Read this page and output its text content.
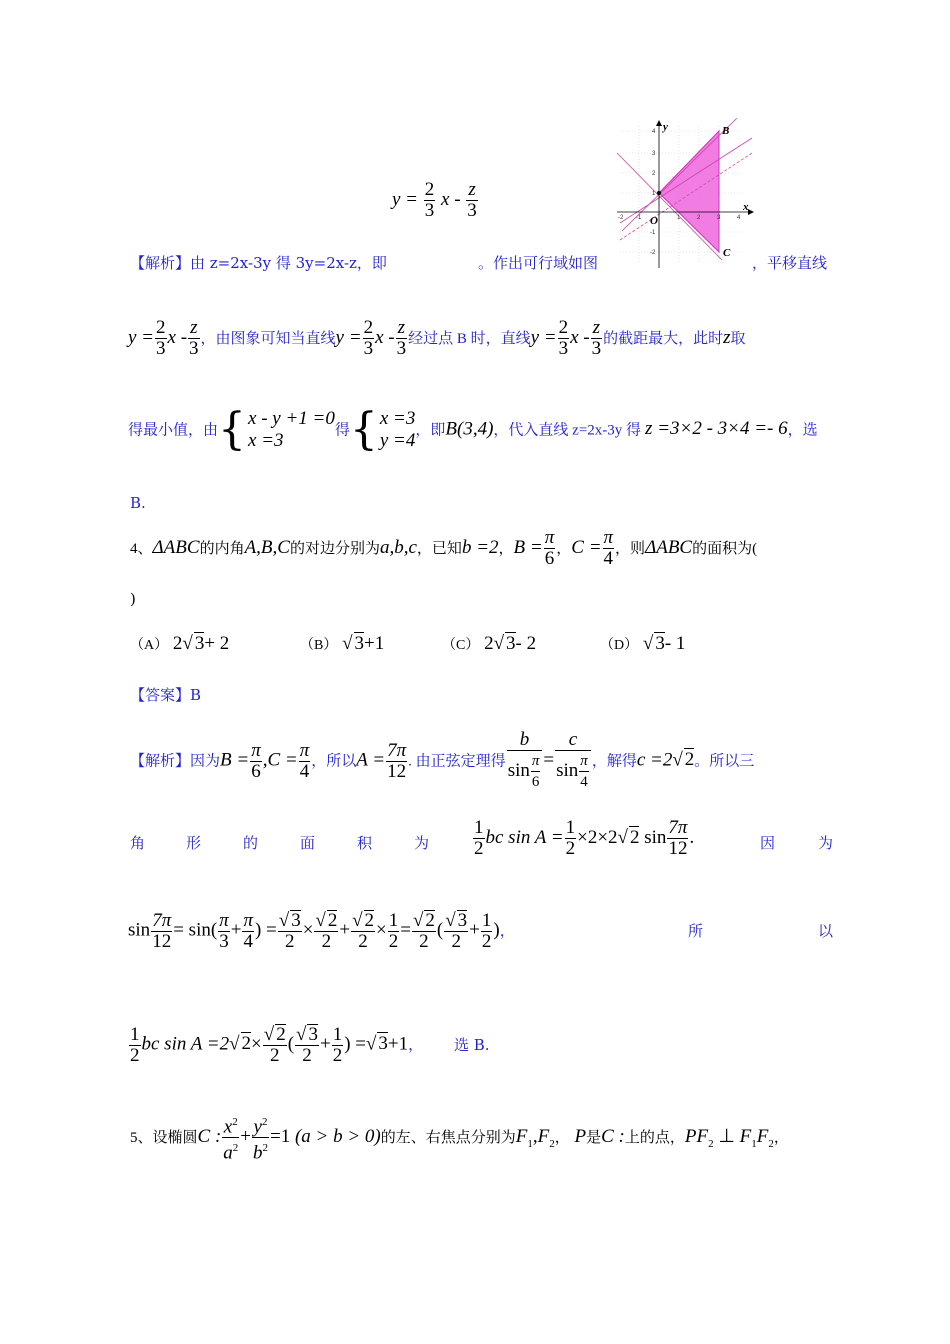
$y = \frac{2}{3}$ x - $\frac{z}{3}$
y
x
O
B
C
4
3
2
1
-1
-2
-2 -1	1	2	3	4
【解析】由 z=2x-3y 得 3y=2x-z，即	。作出可行域如图	，平移直线
$y = \frac{2}{3}$ x - $\frac{z}{3}$ ，由图象可知当直线$y = \frac{2}{3}$ x - $\frac{z}{3}$ 经过点 B 时，直线$y = \frac{2}{3}$ x - $\frac{z}{3}$ 的截距最大，此时z取
得最小值，由{ x - y +1 =0
x =3	得{ x =3
y =4 ，即B(3,4)，代入直线 z=2x-3y 得 z =3×2 - 3×4 =- 6，选
B.
4、ΔABC的内角A,B,C的对边分别为a,b,c，已知b =2，$B = \frac{\pi}{6}$ ，$C = \frac{\pi}{4}$ ，则ΔABC的面积为(
)
（A） 2√ 3+ 2	（B） √ 3+1	（C） 2√ 3- 2	（D） √ 3- 1
【答案】B
【解析】因为$B = \frac{\pi}{6} ,C = \frac{\pi}{4}$ ，所以$A = \frac{7\pi}{12}$ . 由正弦定理得 $\frac{b}{\sin \frac{\pi}{6}} = \frac{c}{\sin \frac{\pi}{4}}$ ，解得c =2√ 2。所以三
角	形	的	面	积	为 $\frac{1}{2}$ bc $\sin A = \frac{1}{2} \times 2\times 2√$ 2 $\sin \frac{7\pi}{12}$ .	因	为
$\sin \frac{7\pi}{12} = \sin( \frac{\pi}{3} + \frac{\pi}{4}$ ) = $\frac{√ 3}{2} \times \frac{√ 2}{2} + \frac{√ 2}{2} \times \frac{1}{2} = \frac{√ 2}{2}$ ( $\frac{√ 3}{2} + \frac{1}{2}$ )，	所	以
$\frac{1}{2}$ bc sin A =2√ $2\times \frac{√ 2}{2}$ ( $\frac{√ 3}{2} + \frac{1}{2}$ ) =√ 3+1， 选 B.
5、设椭圆C : $\frac{x^2}{a^2} + \frac{y^2}{b^2} =1$ (a > b > 0)的左、右焦点分别为$F_1,F_2$， P是C :上的点，$PF_2$ ⊥ $F_1F_2$，
